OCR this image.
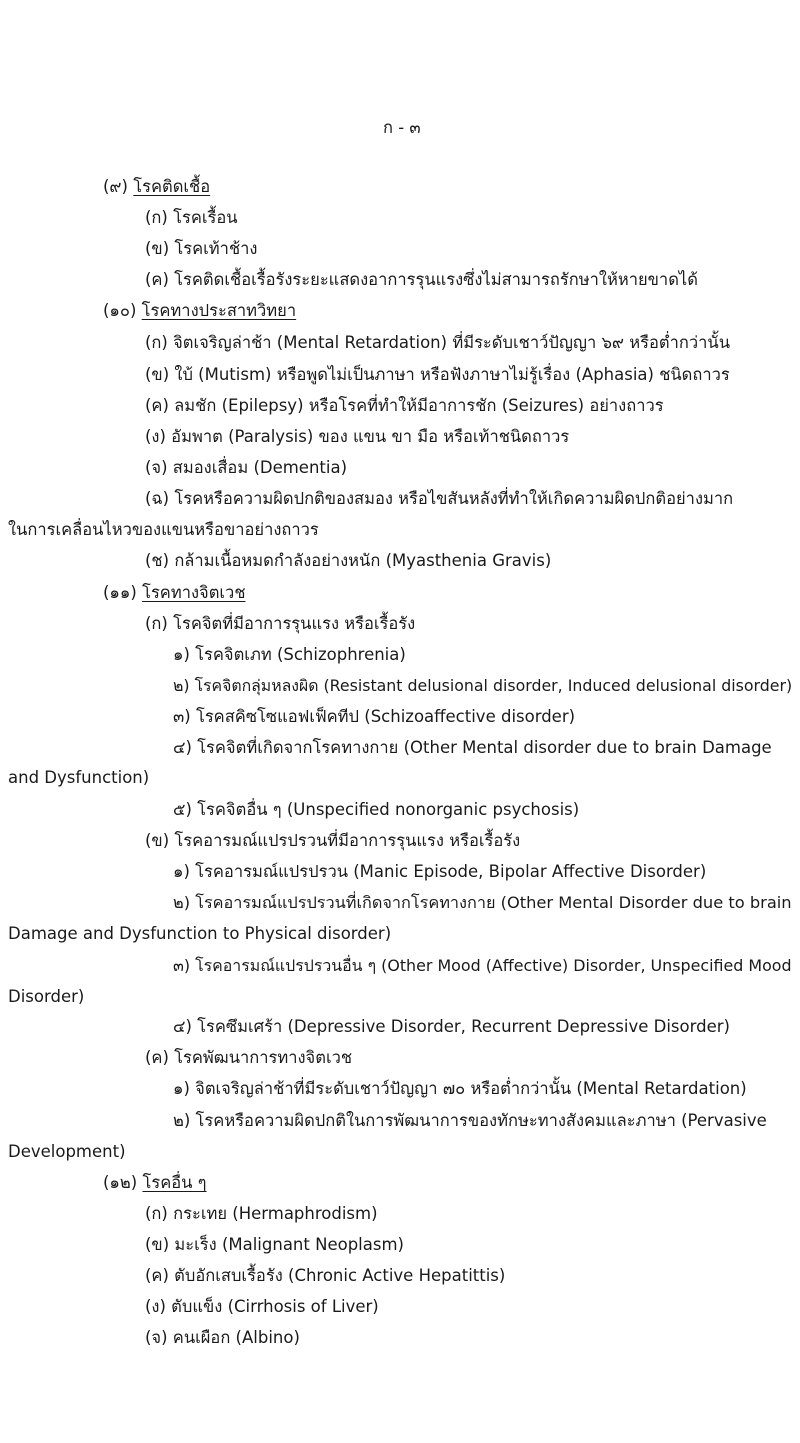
ก - ๓
(๙) โรคติดเชื้อ
(ก) โรคเรื้อน
(ข) โรคเท้าช้าง
(ค) โรคติดเชื้อเรื้อรังระยะแสดงอาการรุนแรงซึ่งไม่สามารถรักษาให้หายขาดได้
(๑๐) โรคทางประสาทวิทยา
(ก) จิตเจริญล่าช้า (Mental Retardation) ที่มีระดับเชาว์ปัญญา ๖๙ หรือต่ำกว่านั้น
(ข) ใบ้ (Mutism) หรือพูดไม่เป็นภาษา หรือฟังภาษาไม่รู้เรื่อง (Aphasia) ชนิดถาวร
(ค) ลมชัก (Epilepsy) หรือโรคที่ทำให้มีอาการชัก (Seizures) อย่างถาวร
(ง) อัมพาต (Paralysis) ของ แขน ขา มือ หรือเท้าชนิดถาวร
(จ) สมองเสื่อม (Dementia)
(ฉ) โรคหรือความผิดปกติของสมอง หรือไขสันหลังที่ทำให้เกิดความผิดปกติอย่างมาก
ในการเคลื่อนไหวของแขนหรือขาอย่างถาวร
(ช) กล้ามเนื้อหมดกำลังอย่างหนัก (Myasthenia Gravis)
(๑๑) โรคทางจิตเวช
(ก) โรคจิตที่มีอาการรุนแรง หรือเรื้อรัง
๑) โรคจิตเภท (Schizophrenia)
๒) โรคจิตกลุ่มหลงผิด (Resistant delusional disorder, Induced delusional disorder)
๓) โรคสคิซโซแอฟเฟ็คทีป (Schizoaffective disorder)
๔) โรคจิตที่เกิดจากโรคทางกาย (Other Mental disorder due to brain Damage
and Dysfunction)
๕) โรคจิตอื่น ๆ (Unspecified nonorganic psychosis)
(ข) โรคอารมณ์แปรปรวนที่มีอาการรุนแรง หรือเรื้อรัง
๑) โรคอารมณ์แปรปรวน (Manic Episode, Bipolar Affective Disorder)
๒) โรคอารมณ์แปรปรวนที่เกิดจากโรคทางกาย (Other Mental Disorder due to brain
Damage and Dysfunction to Physical disorder)
๓) โรคอารมณ์แปรปรวนอื่น ๆ (Other Mood (Affective) Disorder, Unspecified Mood
Disorder)
๔) โรคซึมเศร้า (Depressive Disorder, Recurrent Depressive Disorder)
(ค) โรคพัฒนาการทางจิตเวช
๑) จิตเจริญล่าช้าที่มีระดับเชาว์ปัญญา ๗๐ หรือต่ำกว่านั้น (Mental Retardation)
๒) โรคหรือความผิดปกติในการพัฒนาการของทักษะทางสังคมและภาษา (Pervasive
Development)
(๑๒) โรคอื่น ๆ
(ก) กระเทย (Hermaphrodism)
(ข) มะเร็ง (Malignant Neoplasm)
(ค) ตับอักเสบเรื้อรัง (Chronic Active Hepatittis)
(ง) ตับแข็ง (Cirrhosis of Liver)
(จ) คนเผือก (Albino)
